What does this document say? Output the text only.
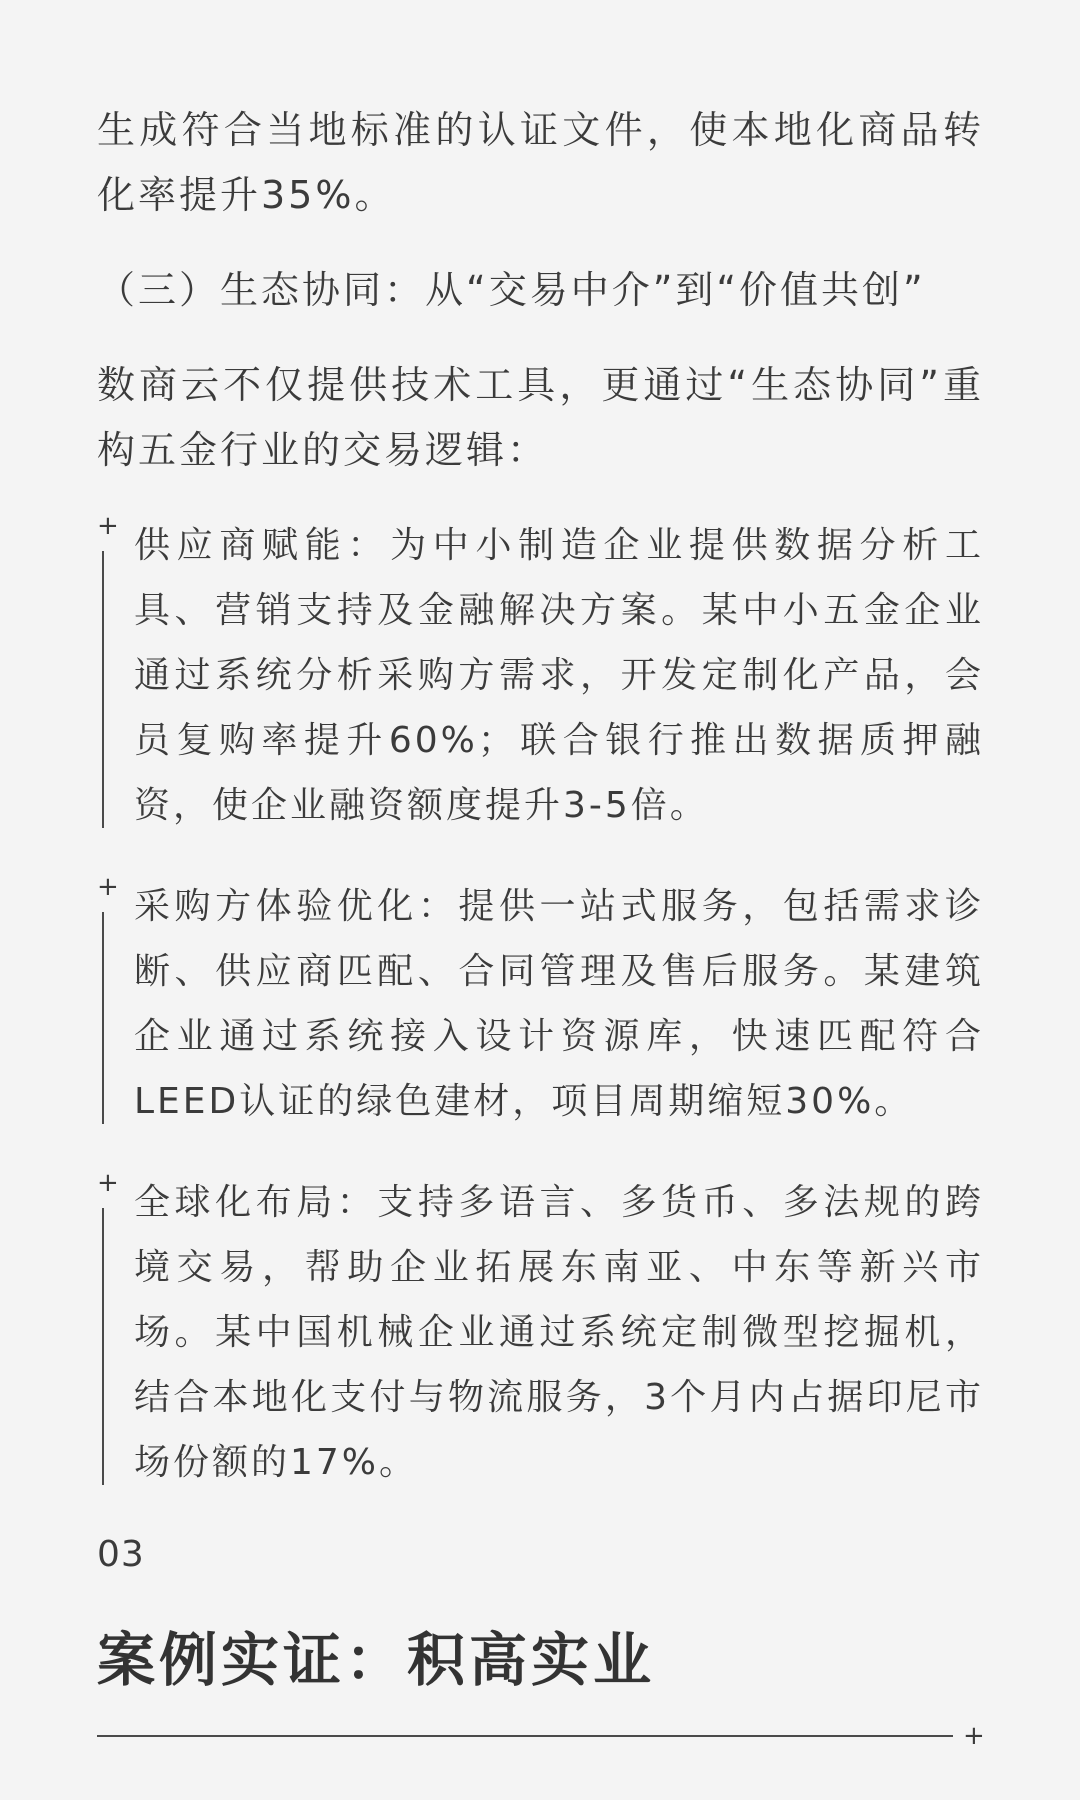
生成符合当地标准的认证文件，使本地化商品转化率提升35%。

（三）生态协同：从“交易中介”到“价值共创”

数商云不仅提供技术工具，更通过“生态协同”重构五金行业的交易逻辑：

+ 供应商赋能：为中小制造企业提供数据分析工具、营销支持及金融解决方案。某中小五金企业通过系统分析采购方需求，开发定制化产品，会员复购率提升60%；联合银行推出数据质押融资，使企业融资额度提升3-5倍。

+ 采购方体验优化：提供一站式服务，包括需求诊断、供应商匹配、合同管理及售后服务。某建筑企业通过系统接入设计资源库，快速匹配符合LEED认证的绿色建材，项目周期缩短30%。

+ 全球化布局：支持多语言、多货币、多法规的跨境交易，帮助企业拓展东南亚、中东等新兴市场。某中国机械企业通过系统定制微型挖掘机，结合本地化支付与物流服务，3个月内占据印尼市场份额的17%。

03
案例实证：积高实业
+
